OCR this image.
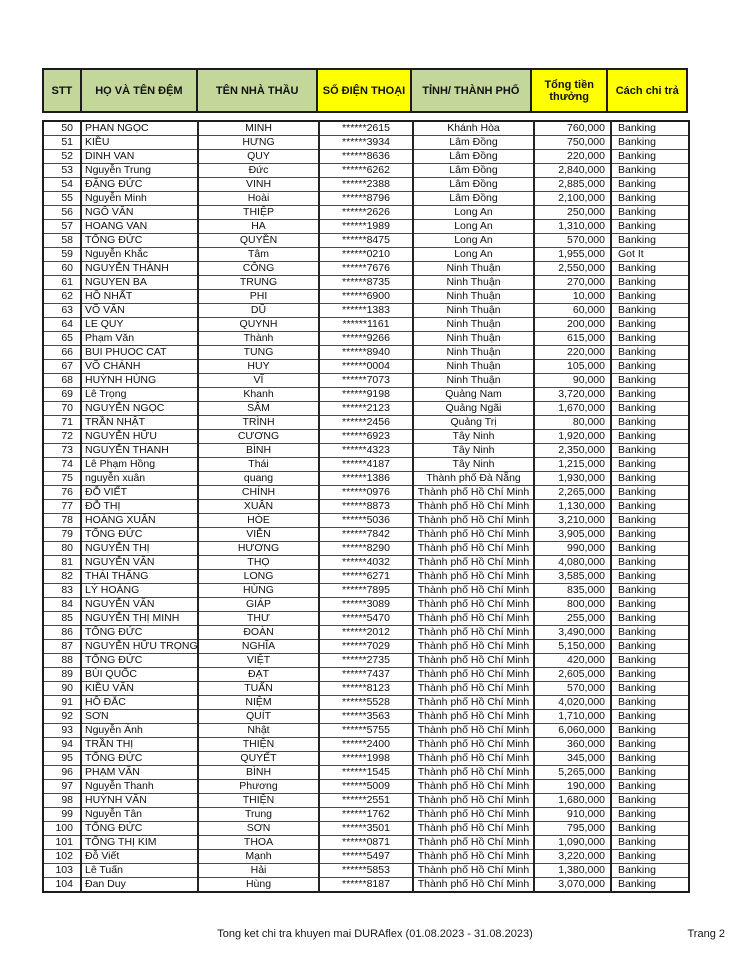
STT	HỌ VÀ TÊN ĐỆM	TÊN NHÀ THẦU	SỐ ĐIỆN THOẠI	TỈNH/ THÀNH PHỐ	Tổng tiền thưởng	Cách chi trả
50	PHAN NGỌC	MINH	******2615	Khánh Hòa	760,000	Banking
51	KIỀU	HƯNG	******3934	Lâm Đồng	750,000	Banking
52	DINH VAN	QUY	******8636	Lâm Đồng	220,000	Banking
53	Nguyễn Trung	Đức	******6262	Lâm Đồng	2,840,000	Banking
54	ĐẶNG ĐỨC	VINH	******2388	Lâm Đồng	2,885,000	Banking
55	Nguyễn Minh	Hoài	******8796	Lâm Đồng	2,100,000	Banking
56	NGÔ VĂN	THIỆP	******2626	Long An	250,000	Banking
57	HOANG VAN	HA	******1989	Long An	1,310,000	Banking
58	TỐNG ĐỨC	QUYỀN	******8475	Long An	570,000	Banking
59	Nguyễn Khắc	Tâm	******0210	Long An	1,955,000	Got It
60	NGUYỄN THÀNH	CÔNG	******7676	Ninh Thuận	2,550,000	Banking
61	NGUYEN BA	TRUNG	******8735	Ninh Thuận	270,000	Banking
62	HỒ NHẤT	PHI	******6900	Ninh Thuận	10,000	Banking
63	VÕ VĂN	DŨ	******1383	Ninh Thuận	60,000	Banking
64	LE QUY	QUYNH	******1161	Ninh Thuận	200,000	Banking
65	Phạm Văn	Thành	******9266	Ninh Thuận	615,000	Banking
66	BUI PHUOC CAT	TUNG	******8940	Ninh Thuận	220,000	Banking
67	VÕ CHÁNH	HUY	******0004	Ninh Thuận	105,000	Banking
68	HUỲNH HÙNG	VĨ	******7073	Ninh Thuận	90,000	Banking
69	Lê Trọng	Khanh	******9198	Quảng Nam	3,720,000	Banking
70	NGUYỄN NGỌC	SÂM	******2123	Quảng Ngãi	1,670,000	Banking
71	TRẦN NHẬT	TRÌNH	******2456	Quảng Trị	80,000	Banking
72	NGUYỄN HỮU	CƯƠNG	******6923	Tây Ninh	1,920,000	Banking
73	NGUYỄN THANH	BÌNH	******4323	Tây Ninh	2,350,000	Banking
74	Lê Phạm Hồng	Thái	******4187	Tây Ninh	1,215,000	Banking
75	nguyễn xuân	quang	******1386	Thành phố Đà Nẵng	1,930,000	Banking
76	ĐỖ VIẾT	CHÍNH	******0976	Thành phố Hồ Chí Minh	2,265,000	Banking
77	ĐỖ THỊ	XUÂN	******8873	Thành phố Hồ Chí Minh	1,130,000	Banking
78	HOÀNG XUÂN	HÒE	******5036	Thành phố Hồ Chí Minh	3,210,000	Banking
79	TỐNG ĐỨC	VIỄN	******7842	Thành phố Hồ Chí Minh	3,905,000	Banking
80	NGUYỄN THỊ	HƯƠNG	******8290	Thành phố Hồ Chí Minh	990,000	Banking
81	NGUYỄN VĂN	THỌ	******4032	Thành phố Hồ Chí Minh	4,080,000	Banking
82	THÁI THĂNG	LONG	******6271	Thành phố Hồ Chí Minh	3,585,000	Banking
83	LÝ HOÀNG	HÙNG	******7895	Thành phố Hồ Chí Minh	835,000	Banking
84	NGUYỄN VĂN	GIÁP	******3089	Thành phố Hồ Chí Minh	800,000	Banking
85	NGUYỄN THỊ MINH	THƯ	******5470	Thành phố Hồ Chí Minh	255,000	Banking
86	TỐNG ĐỨC	ĐOÀN	******2012	Thành phố Hồ Chí Minh	3,490,000	Banking
87	NGUYỄN HỮU TRỌNG	NGHĨA	******7029	Thành phố Hồ Chí Minh	5,150,000	Banking
88	TỐNG ĐỨC	VIỆT	******2735	Thành phố Hồ Chí Minh	420,000	Banking
89	BÙI QUỐC	ĐẠT	******7437	Thành phố Hồ Chí Minh	2,605,000	Banking
90	KIỀU VĂN	TUẤN	******8123	Thành phố Hồ Chí Minh	570,000	Banking
91	HỒ ĐẮC	NIỆM	******5528	Thành phố Hồ Chí Minh	4,020,000	Banking
92	SƠN	QUÍT	******3563	Thành phố Hồ Chí Minh	1,710,000	Banking
93	Nguyễn Ánh	Nhật	******5755	Thành phố Hồ Chí Minh	6,060,000	Banking
94	TRẦN THỊ	THIỆN	******2400	Thành phố Hồ Chí Minh	360,000	Banking
95	TỐNG ĐỨC	QUYẾT	******1998	Thành phố Hồ Chí Minh	345,000	Banking
96	PHẠM VĂN	BÌNH	******1545	Thành phố Hồ Chí Minh	5,265,000	Banking
97	Nguyễn Thanh	Phương	******5009	Thành phố Hồ Chí Minh	190,000	Banking
98	HUỲNH VĂN	THIỆN	******2551	Thành phố Hồ Chí Minh	1,680,000	Banking
99	Nguyễn Tân	Trung	******1762	Thành phố Hồ Chí Minh	910,000	Banking
100	TỐNG ĐỨC	SƠN	******3501	Thành phố Hồ Chí Minh	795,000	Banking
101	TỐNG THỊ KIM	THOA	******0871	Thành phố Hồ Chí Minh	1,090,000	Banking
102	Đỗ Viết	Mạnh	******5497	Thành phố Hồ Chí Minh	3,220,000	Banking
103	Lê Tuấn	Hải	******5853	Thành phố Hồ Chí Minh	1,380,000	Banking
104	Đan Duy	Hùng	******8187	Thành phố Hồ Chí Minh	3,070,000	Banking
Tong ket chi tra khuyen mai DURAflex (01.08.2023 - 31.08.2023)	Trang 2
